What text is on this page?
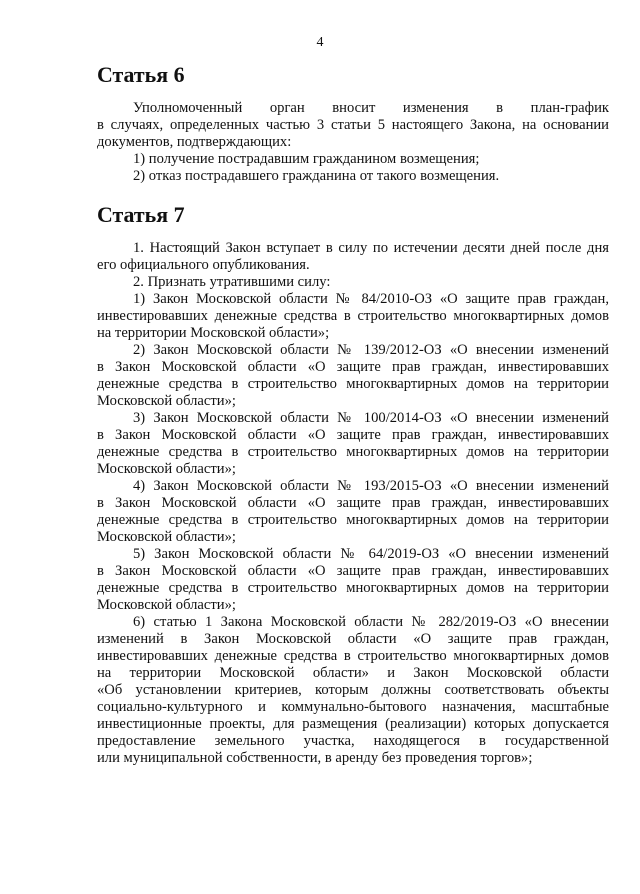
4
Статья 6

Уполномоченный орган вносит изменения в план-график

в случаях, определенных частью 3 статьи 5 настоящего Закона, на основании

документов, подтверждающих:

1) получение пострадавшим гражданином возмещения;

2) отказ пострадавшего гражданина от такого возмещения.

Статья 7

1. Настоящий Закон вступает в силу по истечении десяти дней после дня

его официального опубликования.

2. Признать утратившими силу:

1) Закон Московской области № 84/2010-ОЗ «О защите прав граждан,

инвестировавших денежные средства в строительство многоквартирных домов

на территории Московской области»;

2) Закон Московской области № 139/2012-ОЗ «О внесении изменений

в Закон Московской области «О защите прав граждан, инвестировавших

денежные средства в строительство многоквартирных домов на территории

Московской области»;

3) Закон Московской области № 100/2014-ОЗ «О внесении изменений

в Закон Московской области «О защите прав граждан, инвестировавших

денежные средства в строительство многоквартирных домов на территории

Московской области»;

4) Закон Московской области № 193/2015-ОЗ «О внесении изменений

в Закон Московской области «О защите прав граждан, инвестировавших

денежные средства в строительство многоквартирных домов на территории

Московской области»;

5) Закон Московской области № 64/2019-ОЗ «О внесении изменений

в Закон Московской области «О защите прав граждан, инвестировавших

денежные средства в строительство многоквартирных домов на территории

Московской области»;

6) статью 1 Закона Московской области № 282/2019-ОЗ «О внесении

изменений в Закон Московской области «О защите прав граждан,

инвестировавших денежные средства в строительство многоквартирных домов

на территории Московской области» и Закон Московской области

«Об установлении критериев, которым должны соответствовать объекты

социально-культурного и коммунально-бытового назначения, масштабные

инвестиционные проекты, для размещения (реализации) которых допускается

предоставление земельного участка, находящегося в государственной

или муниципальной собственности, в аренду без проведения торгов»;
